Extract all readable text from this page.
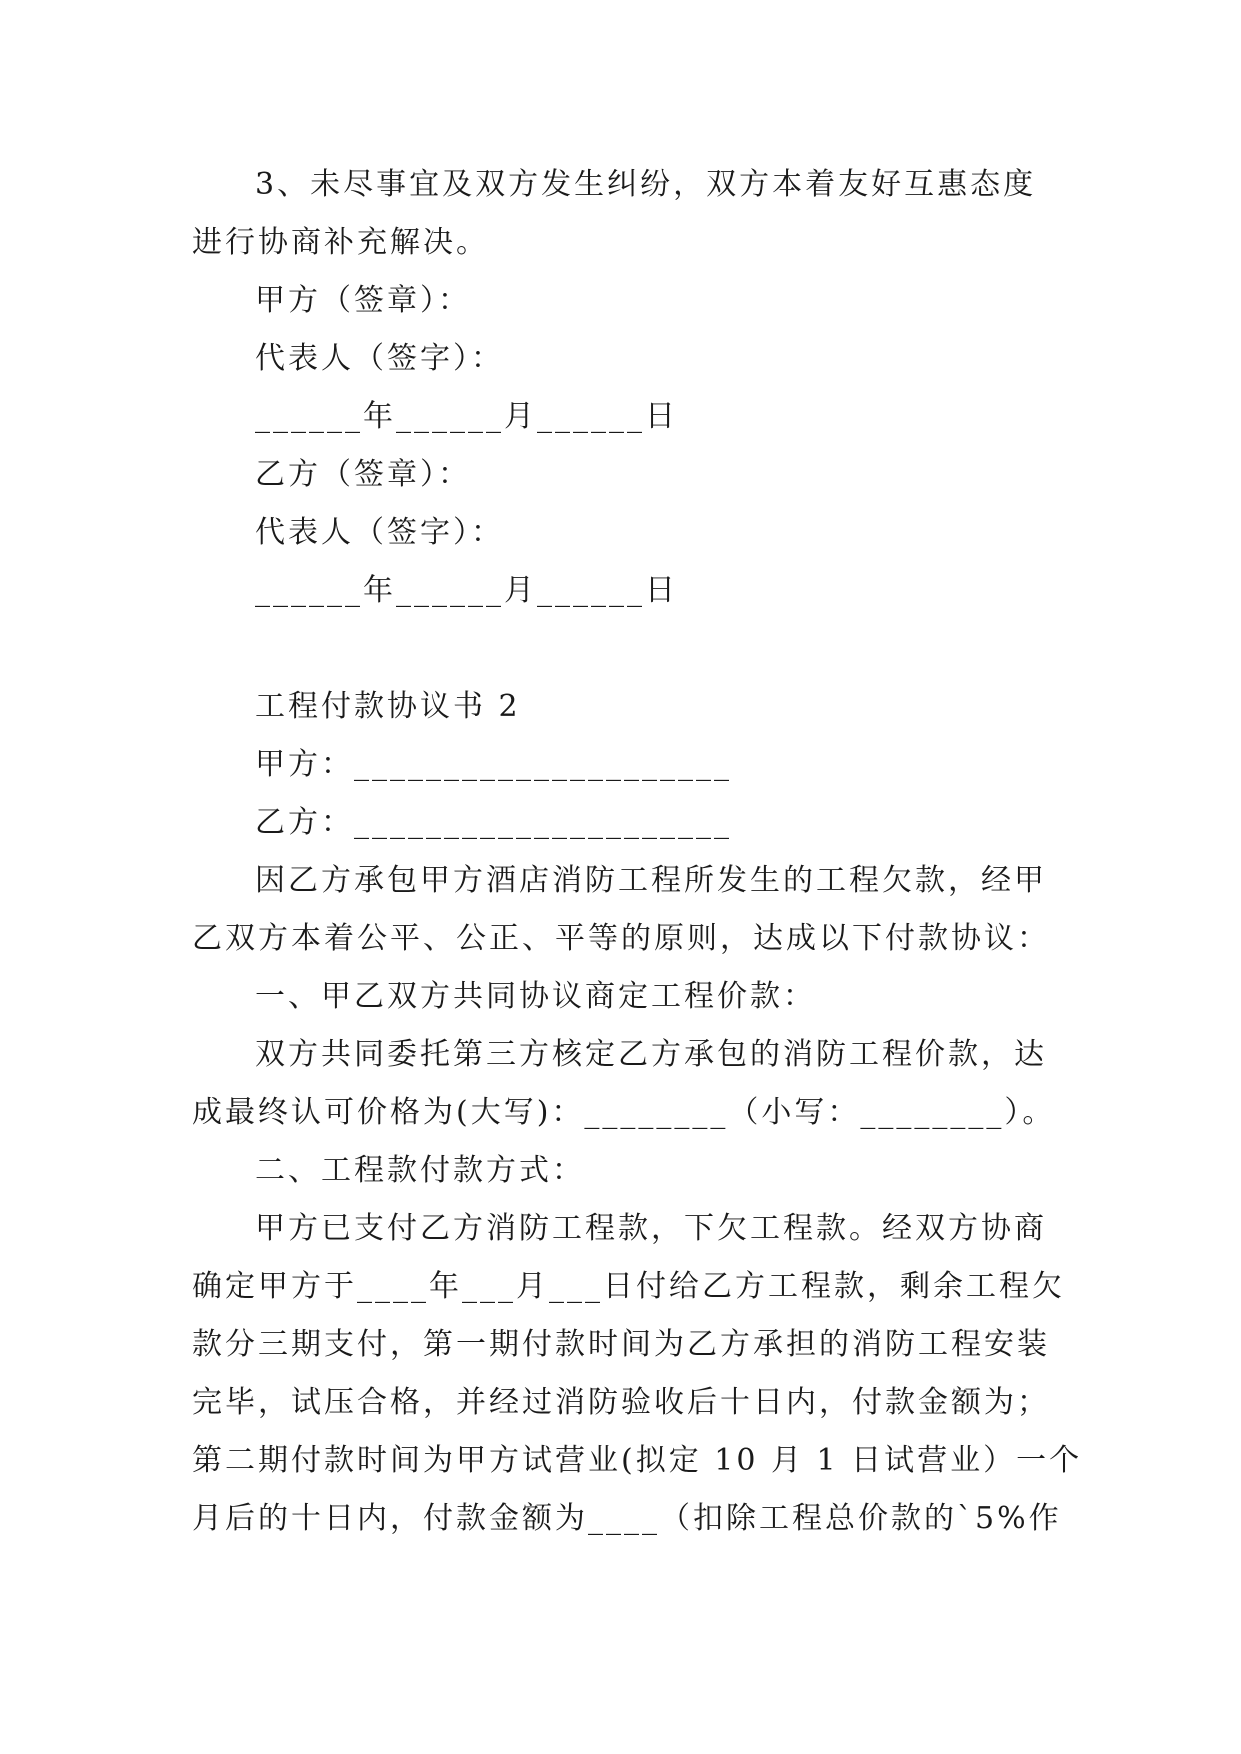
3、未尽事宜及双方发生纠纷，双方本着友好互惠态度
进行协商补充解决。
甲方（签章）：
代表人（签字）：
______年______月______日
乙方（签章）：
代表人（签字）：
______年______月______日
工程付款协议书 2
甲方：_____________________
乙方：_____________________
因乙方承包甲方酒店消防工程所发生的工程欠款，经甲
乙双方本着公平、公正、平等的原则，达成以下付款协议：
一、甲乙双方共同协议商定工程价款：
双方共同委托第三方核定乙方承包的消防工程价款，达
成最终认可价格为(大写)：________（小写：________）。
二、工程款付款方式：
甲方已支付乙方消防工程款，下欠工程款。经双方协商
确定甲方于____年___月___日付给乙方工程款，剩余工程欠
款分三期支付，第一期付款时间为乙方承担的消防工程安装
完毕，试压合格，并经过消防验收后十日内，付款金额为；
第二期付款时间为甲方试营业(拟定 10 月 1 日试营业）一个
月后的十日内，付款金额为____（扣除工程总价款的`5%作
